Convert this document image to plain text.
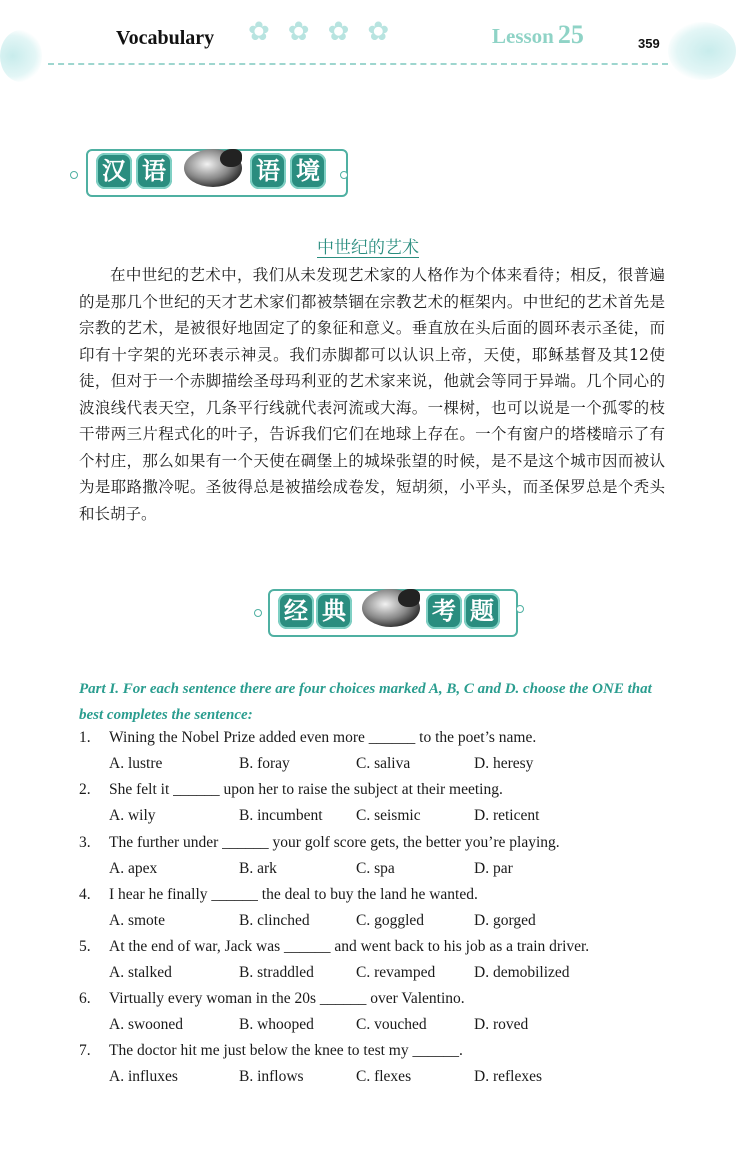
✿✿✿✿
Vocabulary	Lesson 25	359
汉 语	语 境
中世纪的艺术
在中世纪的艺术中，我们从未发现艺术家的人格作为个体来看待；相反，很普遍的是那几个世纪的天才艺术家们都被禁锢在宗教艺术的框架内。中世纪的艺术首先是宗教的艺术，是被很好地固定了的象征和意义。垂直放在头后面的圆环表示圣徒，而印有十字架的光环表示神灵。我们赤脚都可以认识上帝，天使，耶稣基督及其12使徒，但对于一个赤脚描绘圣母玛利亚的艺术家来说，他就会等同于异端。几个同心的波浪线代表天空，几条平行线就代表河流或大海。一棵树，也可以说是一个孤零的枝干带两三片程式化的叶子，告诉我们它们在地球上存在。一个有窗户的塔楼暗示了有个村庄，那么如果有一个天使在碉堡上的城垛张望的时候，是不是这个城市因而被认为是耶路撒冷呢。圣彼得总是被描绘成卷发，短胡须，小平头，而圣保罗总是个秃头和长胡子。
经 典	考 题
Part I. For each sentence there are four choices marked A, B, C and D. choose the ONE that best completes the sentence:
1. Wining the Nobel Prize added even more ______ to the poet’s name.
A. lustre	B. foray	C. saliva	D. heresy
2. She felt it ______ upon her to raise the subject at their meeting.
A. wily	B. incumbent C. seismic	D. reticent
3. The further under ______ your golf score gets, the better you’re playing.
A. apex	B. ark	C. spa	D. par
4. I hear he finally ______ the deal to buy the land he wanted.
A. smote	B. clinched	C. goggled	D. gorged
5. At the end of war, Jack was ______ and went back to his job as a train driver.
A. stalked	B. straddled	C. revamped	D. demobilized
6. Virtually every woman in the 20s ______ over Valentino.
A. swooned	B. whooped	C. vouched	D. roved
7. The doctor hit me just below the knee to test my ______.
A. influxes	B. inflows	C. flexes	D. reflexes
